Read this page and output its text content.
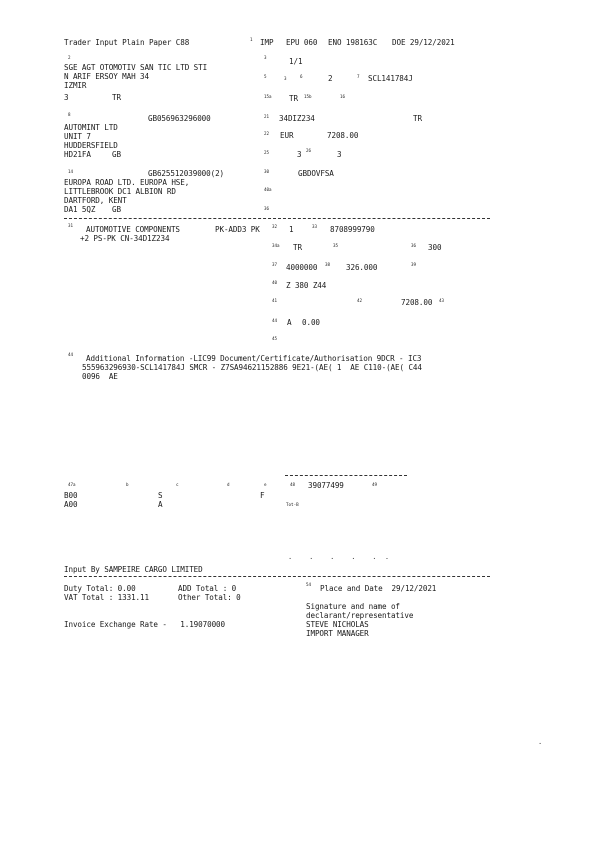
Trader Input Plain Paper C88	1 IMP EPU 060 ENO 198163C DOE 29/12/2021
2
SGE AGT OTOMOTIV SAN TIC LTD STI
N ARIF ERSOY MAH 34
IZMIR
3	TR
3	1/1
5	3	6	2	7 SCL141784J
8	GB056963296000
AUTOMINT LTD
UNIT 7
HUDDERSFIELD
HD21FA	GB
15a TR 15b	16
21 34DIZ234	TR
22 EUR	7208.00
25	3 26	3
14	GB625512039000(2)
EUROPA ROAD LTD. EUROPA HSE,
LITTLEBROOK DC1 ALBION RD
DARTFORD, KENT
DA1 5QZ GB
30	GBDOVFSA
40a
36
31 AUTOMOTIVE COMPONENTS	PK-ADD3 PK
+2 PS-PK CN-34D1Z234
32 1	33 8708999790
34a TR	35	36 300
37 4000000 38 326.000	39
40 Z 380 Z44
41	42	7208.00 43
44 A 0.00
45
44 Additional Information -LIC99 Document/Certificate/Authorisation 9DCR - IC3
555963296930-SCL141784J SMCR - Z7SA94621152886 9E21-(AE( 1  AE C110-(AE( C44
0096  AE
47a	b	c	d	e	48 39077499	49
B00	S	F
A00	A	Tot-B
.    .    .    .    .  .
Input By SAMPEIRE CARGO LIMITED
Duty Total: 0.00	ADD Total : 0
VAT Total : 1331.11	Other Total: 0
Invoice Exchange Rate -   1.19070000
54 Place and Date  29/12/2021
Signature and name of
declarant/representative
STEVE NICHOLAS
IMPORT MANAGER
.
